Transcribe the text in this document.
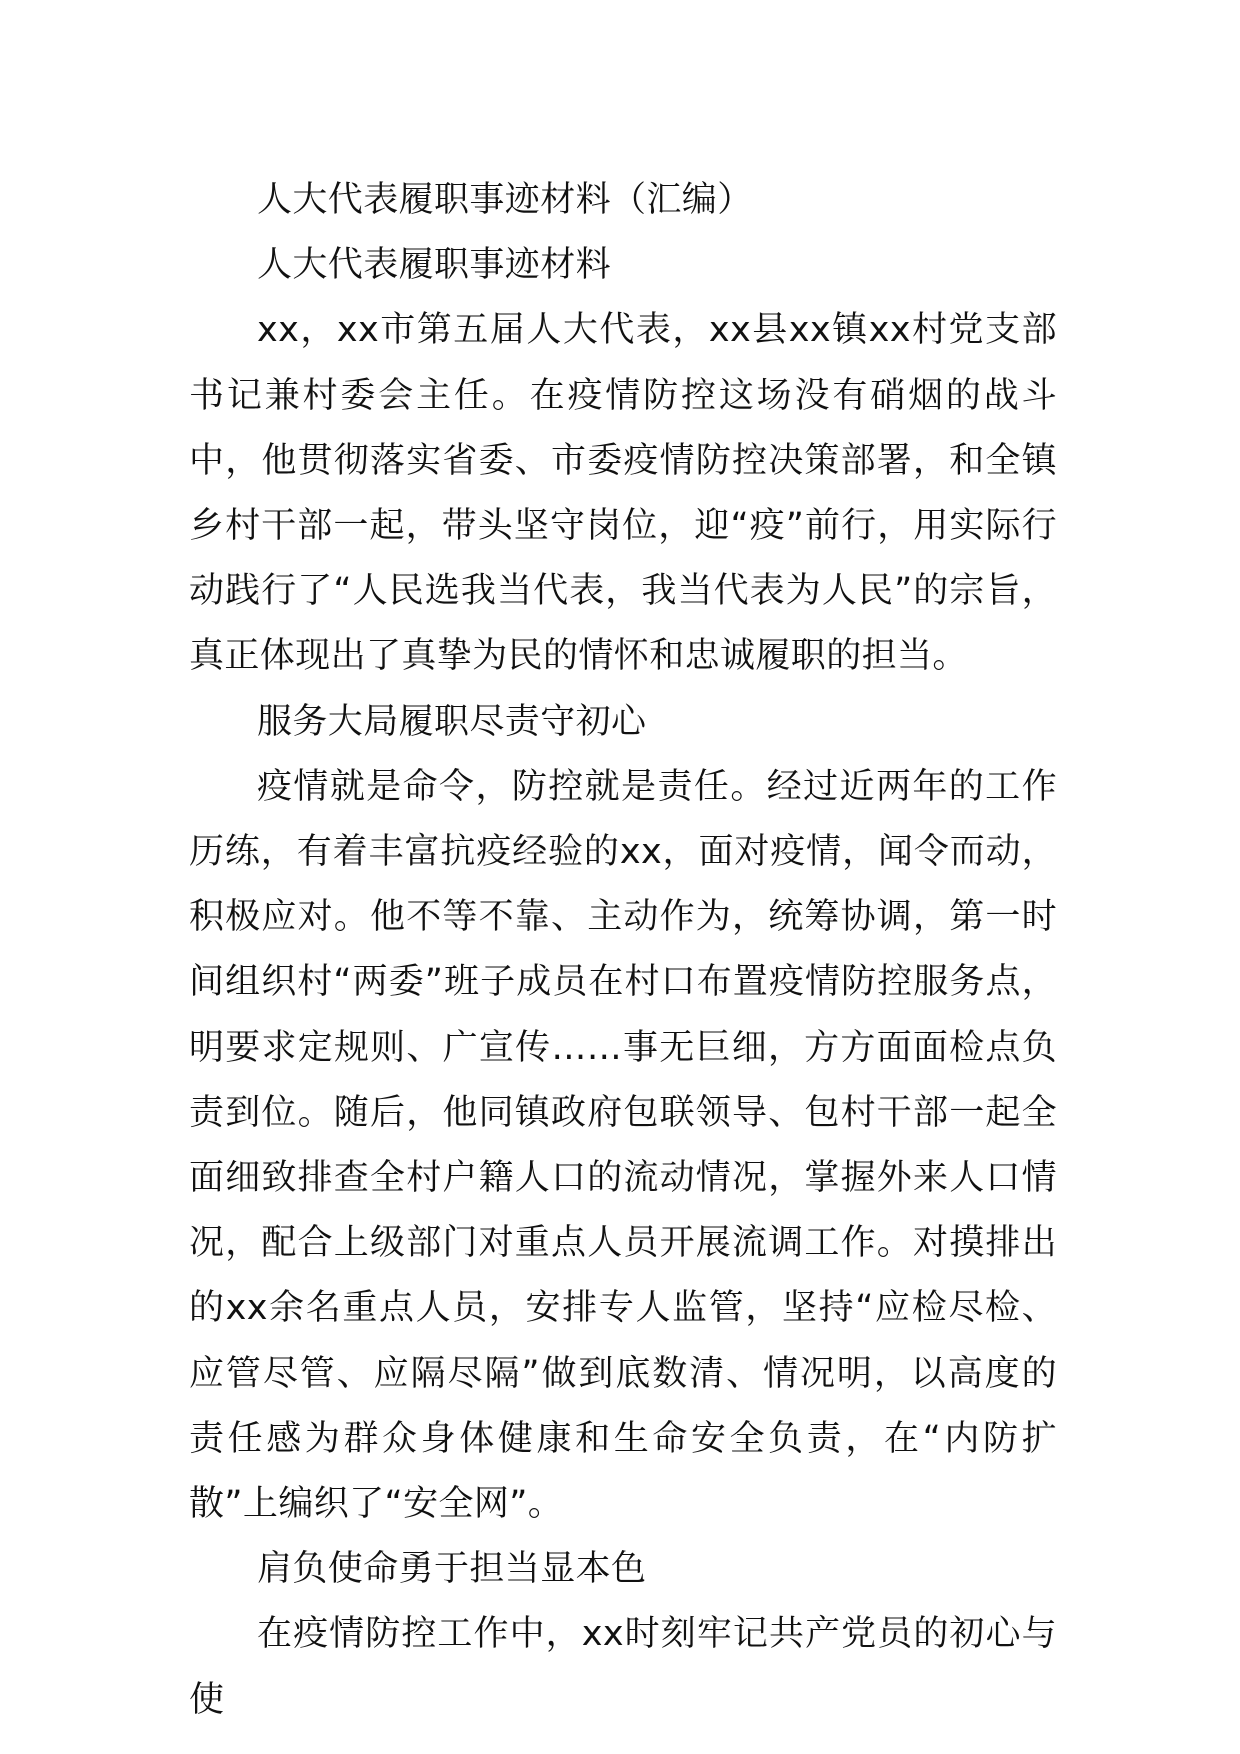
人大代表履职事迹材料（汇编）

人大代表履职事迹材料

xx，xx市第五届人大代表，xx县xx镇xx村党支部书记兼村委会主任。在疫情防控这场没有硝烟的战斗中，他贯彻落实省委、市委疫情防控决策部署，和全镇乡村干部一起，带头坚守岗位，迎“疫”前行，用实际行动践行了“人民选我当代表，我当代表为人民”的宗旨，真正体现出了真挚为民的情怀和忠诚履职的担当。

服务大局履职尽责守初心

疫情就是命令，防控就是责任。经过近两年的工作历练，有着丰富抗疫经验的xx，面对疫情，闻令而动，积极应对。他不等不靠、主动作为，统筹协调，第一时间组织村“两委”班子成员在村口布置疫情防控服务点，明要求定规则、广宣传……事无巨细，方方面面检点负责到位。随后，他同镇政府包联领导、包村干部一起全面细致排查全村户籍人口的流动情况，掌握外来人口情况，配合上级部门对重点人员开展流调工作。对摸排出的xx余名重点人员，安排专人监管，坚持“应检尽检、应管尽管、应隔尽隔”做到底数清、情况明，以高度的责任感为群众身体健康和生命安全负责，在“内防扩散”上编织了“安全网”。

肩负使命勇于担当显本色

在疫情防控工作中，xx时刻牢记共产党员的初心与使
